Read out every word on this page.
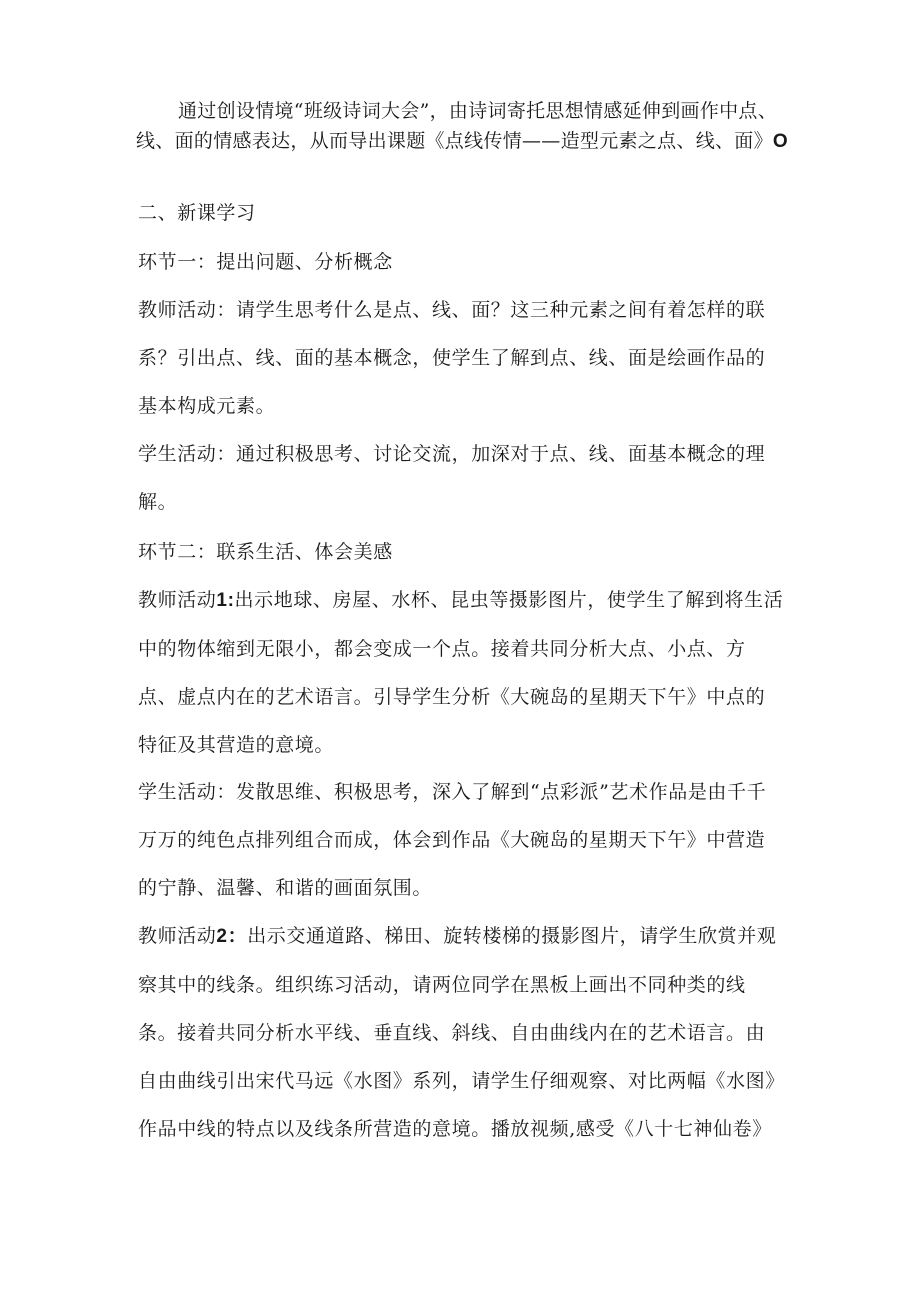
通过创设情境“班级诗词大会”，由诗词寄托思想情感延伸到画作中点、线、面的情感表达，从而导出课题《点线传情——造型元素之点、线、面》O

二、新课学习

环节一：提出问题、分析概念

教师活动：请学生思考什么是点、线、面？这三种元素之间有着怎样的联系？引出点、线、面的基本概念，使学生了解到点、线、面是绘画作品的基本构成元素。

学生活动：通过积极思考、讨论交流，加深对于点、线、面基本概念的理解。

环节二：联系生活、体会美感

教师活动1:出示地球、房屋、水杯、昆虫等摄影图片，使学生了解到将生活中的物体缩到无限小，都会变成一个点。接着共同分析大点、小点、方点、虚点内在的艺术语言。引导学生分析《大碗岛的星期天下午》中点的特征及其营造的意境。

学生活动：发散思维、积极思考，深入了解到“点彩派”艺术作品是由千千万万的纯色点排列组合而成，体会到作品《大碗岛的星期天下午》中营造的宁静、温馨、和谐的画面氛围。

教师活动2：出示交通道路、梯田、旋转楼梯的摄影图片，请学生欣赏并观察其中的线条。组织练习活动，请两位同学在黑板上画出不同种类的线条。接着共同分析水平线、垂直线、斜线、自由曲线内在的艺术语言。由自由曲线引出宋代马远《水图》系列，请学生仔细观察、对比两幅《水图》作品中线的特点以及线条所营造的意境。播放视频,感受《八十七神仙卷》
